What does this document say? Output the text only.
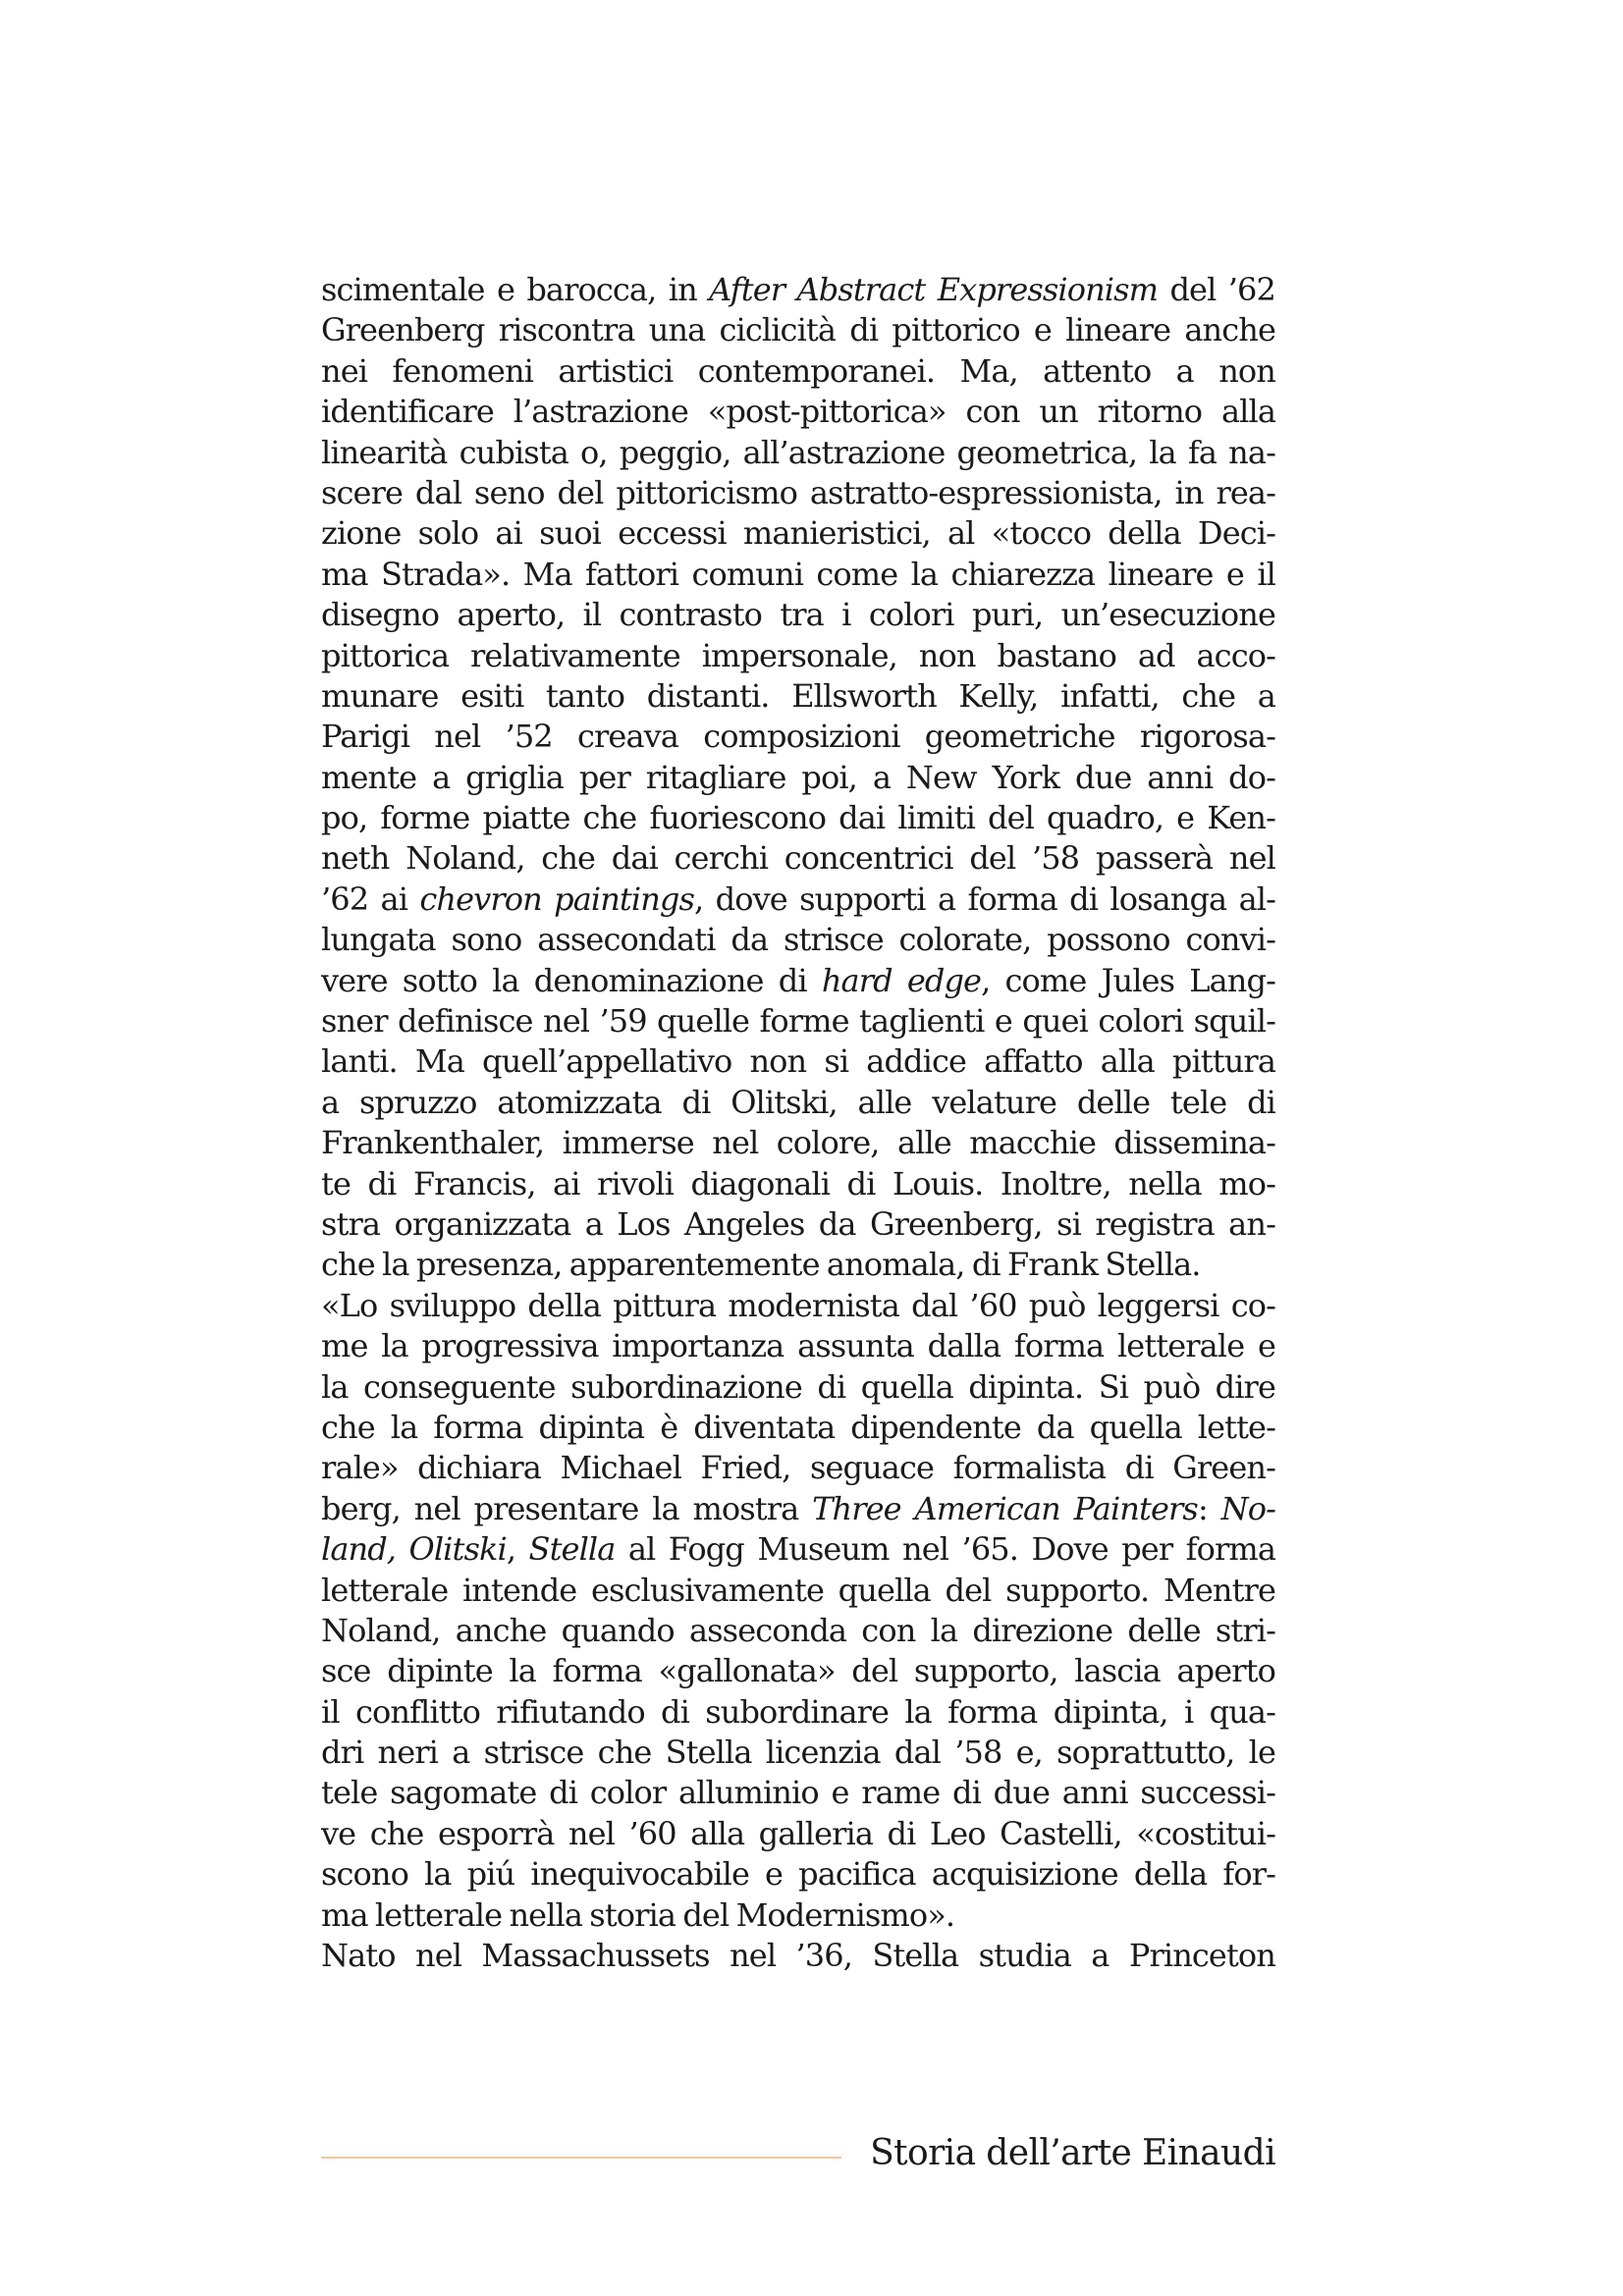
scimentale e barocca, in After Abstract Expressionism del ’62
Greenberg riscontra una ciclicità di pittorico e lineare anche
nei fenomeni artistici contemporanei. Ma, attento a non
identificare l’astrazione «post-pittorica» con un ritorno alla
linearità cubista o, peggio, all’astrazione geometrica, la fa na-
scere dal seno del pittoricismo astratto-espressionista, in rea-
zione solo ai suoi eccessi manieristici, al «tocco della Deci-
ma Strada». Ma fattori comuni come la chiarezza lineare e il
disegno aperto, il contrasto tra i colori puri, un’esecuzione
pittorica relativamente impersonale, non bastano ad acco-
munare esiti tanto distanti. Ellsworth Kelly, infatti, che a
Parigi nel ’52 creava composizioni geometriche rigorosa-
mente a griglia per ritagliare poi, a New York due anni do-
po, forme piatte che fuoriescono dai limiti del quadro, e Ken-
neth Noland, che dai cerchi concentrici del ’58 passerà nel
’62 ai chevron paintings, dove supporti a forma di losanga al-
lungata sono assecondati da strisce colorate, possono convi-
vere sotto la denominazione di hard edge, come Jules Lang-
sner definisce nel ’59 quelle forme taglienti e quei colori squil-
lanti. Ma quell’appellativo non si addice affatto alla pittura
a spruzzo atomizzata di Olitski, alle velature delle tele di
Frankenthaler, immerse nel colore, alle macchie dissemina-
te di Francis, ai rivoli diagonali di Louis. Inoltre, nella mo-
stra organizzata a Los Angeles da Greenberg, si registra an-
che la presenza, apparentemente anomala, di Frank Stella.
«Lo sviluppo della pittura modernista dal ’60 può leggersi co-
me la progressiva importanza assunta dalla forma letterale e
la conseguente subordinazione di quella dipinta. Si può dire
che la forma dipinta è diventata dipendente da quella lette-
rale» dichiara Michael Fried, seguace formalista di Green-
berg, nel presentare la mostra Three American Painters: No-
land, Olitski, Stella al Fogg Museum nel ’65. Dove per forma
letterale intende esclusivamente quella del supporto. Mentre
Noland, anche quando asseconda con la direzione delle stri-
sce dipinte la forma «gallonata» del supporto, lascia aperto
il conflitto rifiutando di subordinare la forma dipinta, i qua-
dri neri a strisce che Stella licenzia dal ’58 e, soprattutto, le
tele sagomate di color alluminio e rame di due anni successi-
ve che esporrà nel ’60 alla galleria di Leo Castelli, «costitui-
scono la piú inequivocabile e pacifica acquisizione della for-
ma letterale nella storia del Modernismo».
Nato nel Massachussets nel ’36, Stella studia a Princeton
Storia dell’arte Einaudi
